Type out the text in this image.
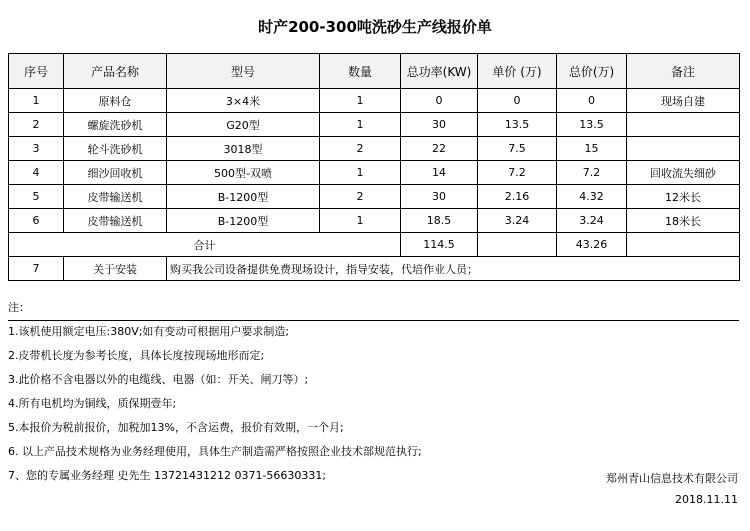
时产200-300吨洗砂生产线报价单
序号	产品名称	型号	数量	总功率(KW)	单价 (万)	总价(万)	备注
1	原料仓	3×4米	1	0	0	0	现场自建
2	螺旋洗砂机	G20型	1	30	13.5	13.5	
3	轮斗洗砂机	3018型	2	22	7.5	15	
4	细沙回收机	500型-双喷	1	14	7.2	7.2	回收流失细砂
5	皮带输送机	B-1200型	2	30	2.16	4.32	12米长
6	皮带输送机	B-1200型	1	18.5	3.24	3.24	18米长
合计				114.5		43.26	
7	关于安装	购买我公司设备提供免费现场设计，指导安装，代培作业人员；					
注：
1.该机使用额定电压:380V;如有变动可根据用户要求制造;
2.皮带机长度为参考长度，具体长度按现场地形而定;
3.此价格不含电器以外的电缆线、电器（如：开关、闸刀等）;
4.所有电机均为铜线，质保期壹年;
5.本报价为税前报价，加税加13%，不含运费，报价有效期，一个月;
6. 以上产品技术规格为业务经理使用，具体生产制造需严格按照企业技术部规范执行;
7、您的专属业务经理 史先生 13721431212 0371-56630331;	郑州青山信息技术有限公司
2018.11.11
